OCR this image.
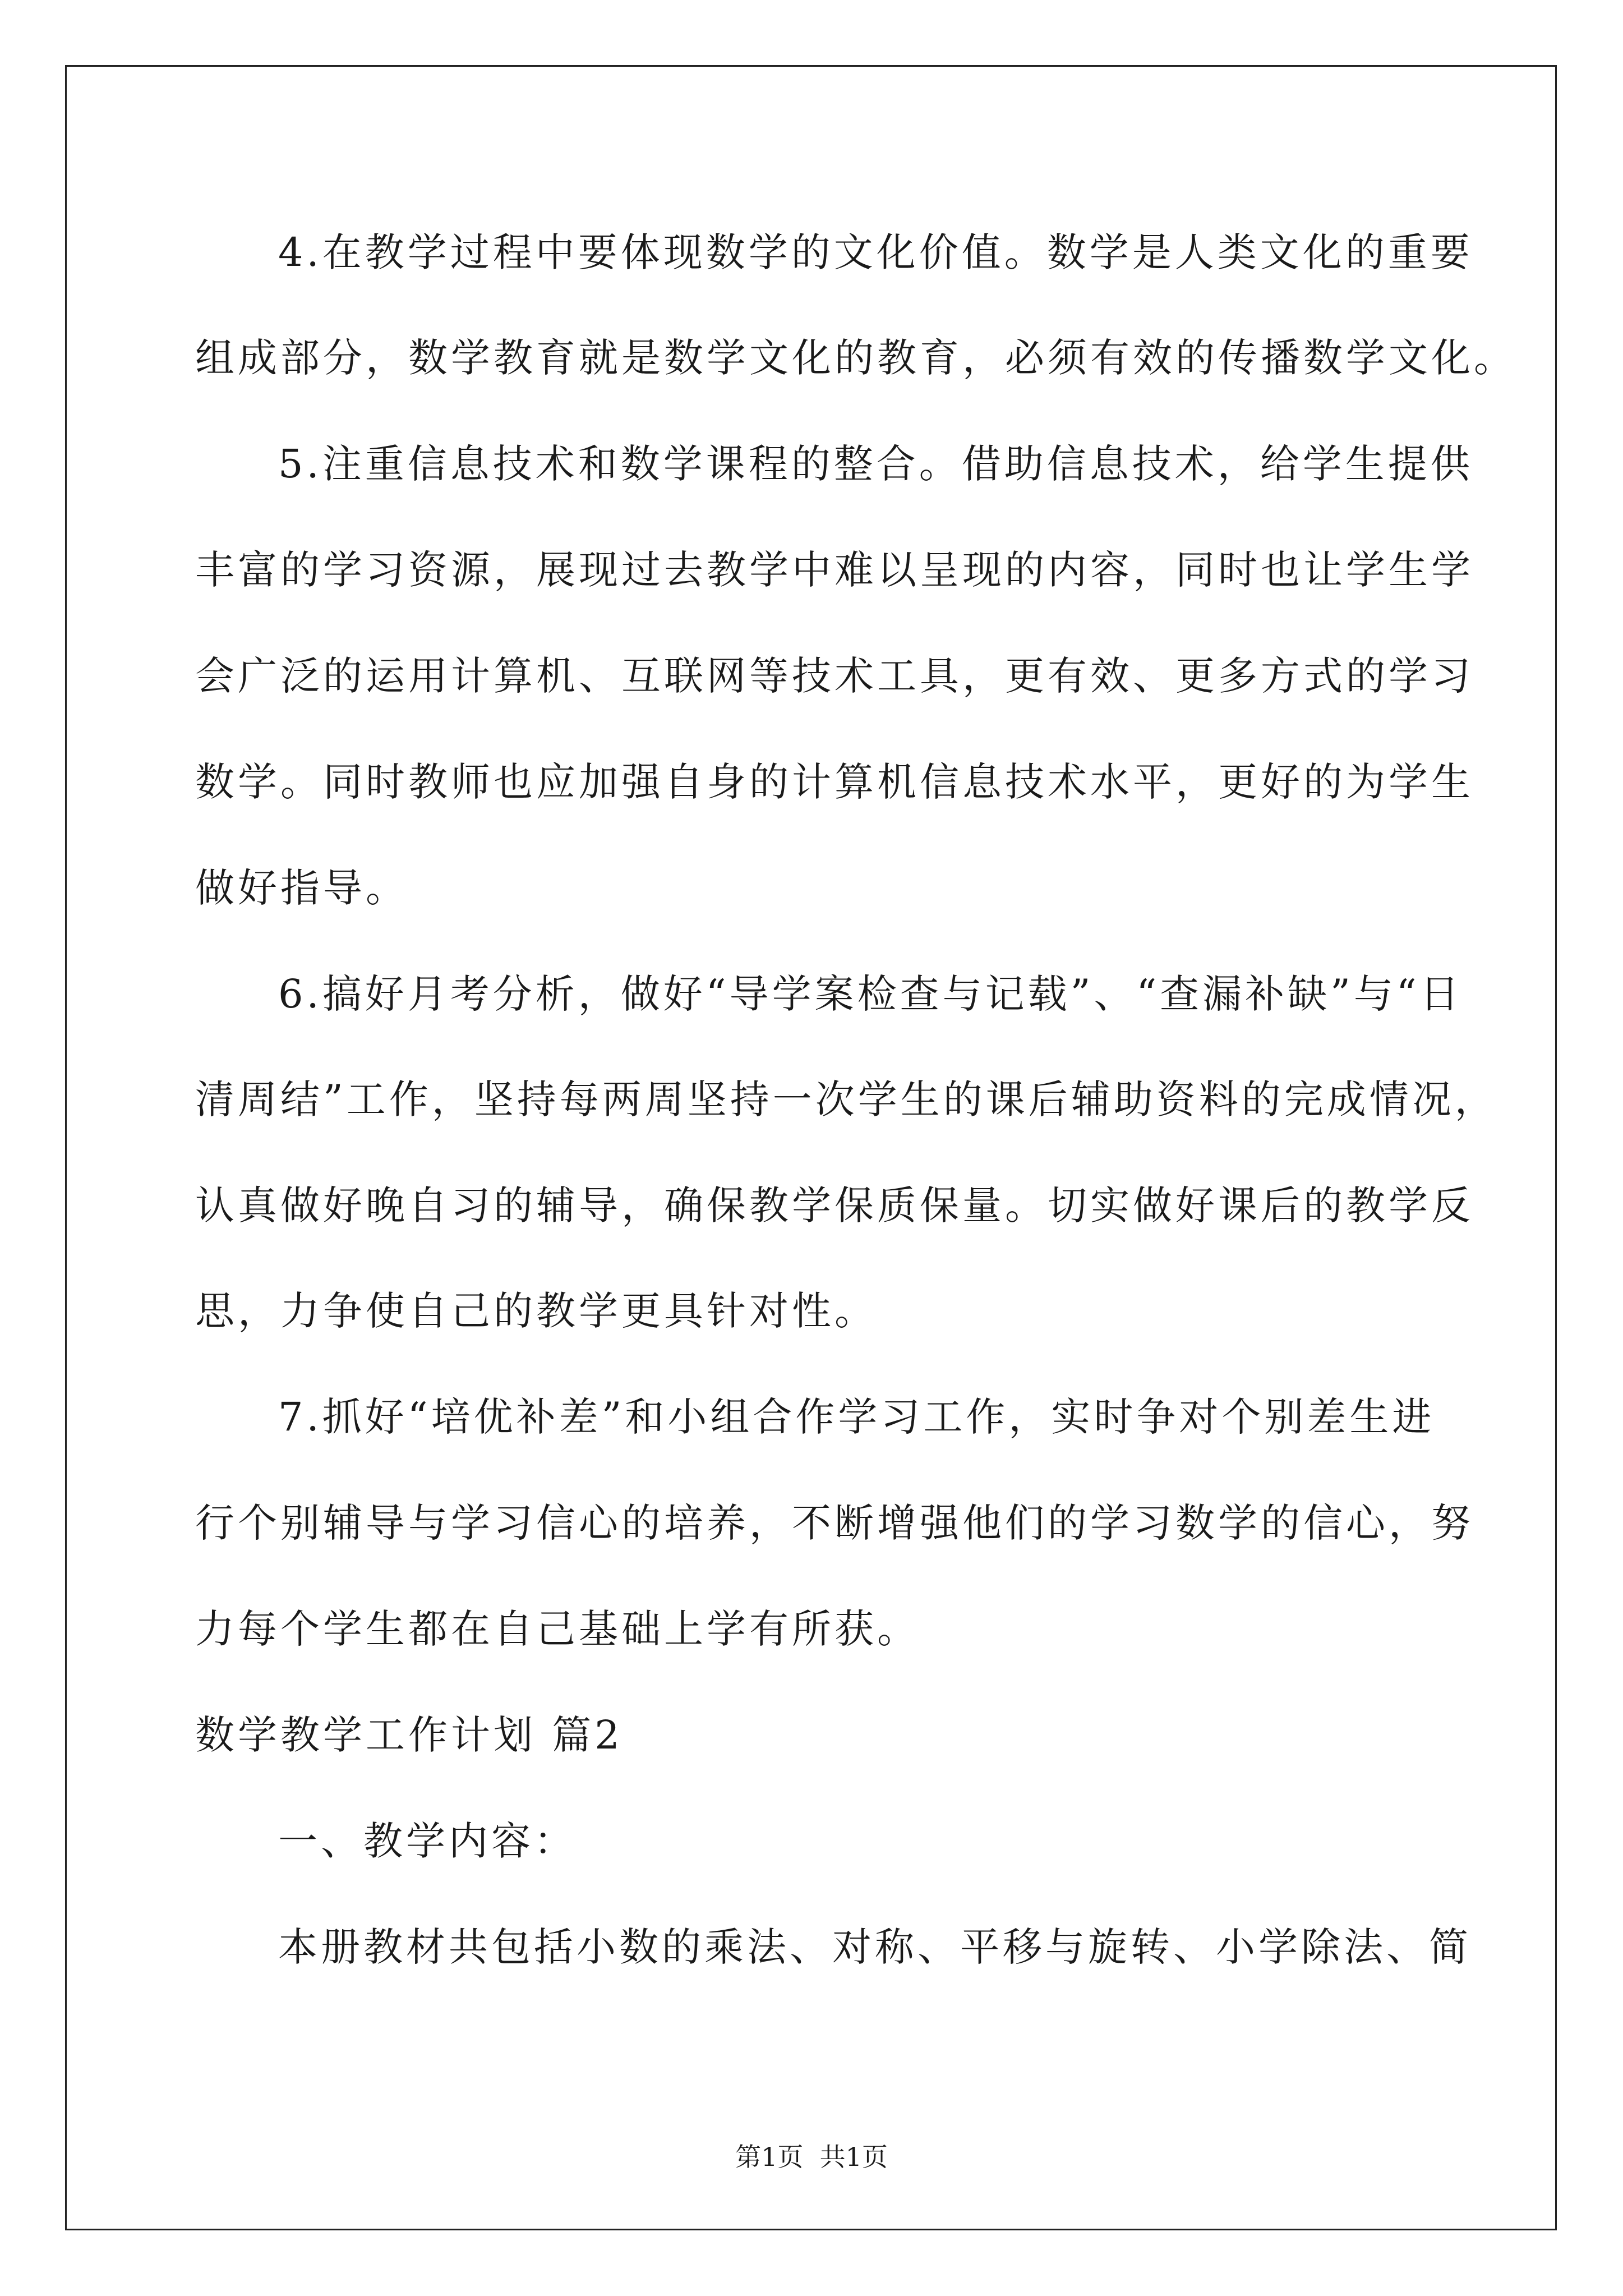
4.在教学过程中要体现数学的文化价值。数学是人类文化的重要
组成部分，数学教育就是数学文化的教育，必须有效的传播数学文化。
5.注重信息技术和数学课程的整合。借助信息技术，给学生提供
丰富的学习资源，展现过去教学中难以呈现的内容，同时也让学生学
会广泛的运用计算机、互联网等技术工具，更有效、更多方式的学习
数学。同时教师也应加强自身的计算机信息技术水平，更好的为学生
做好指导。
6.搞好月考分析，做好“导学案检查与记载”、“查漏补缺”与“日
清周结”工作，坚持每两周坚持一次学生的课后辅助资料的完成情况，
认真做好晚自习的辅导，确保教学保质保量。切实做好课后的教学反
思，力争使自己的教学更具针对性。
7.抓好“培优补差”和小组合作学习工作，实时争对个别差生进
行个别辅导与学习信心的培养，不断增强他们的学习数学的信心，努
力每个学生都在自己基础上学有所获。
数学教学工作计划 篇2
一、教学内容：
本册教材共包括小数的乘法、对称、平移与旋转、小学除法、简
第1页  共1页
